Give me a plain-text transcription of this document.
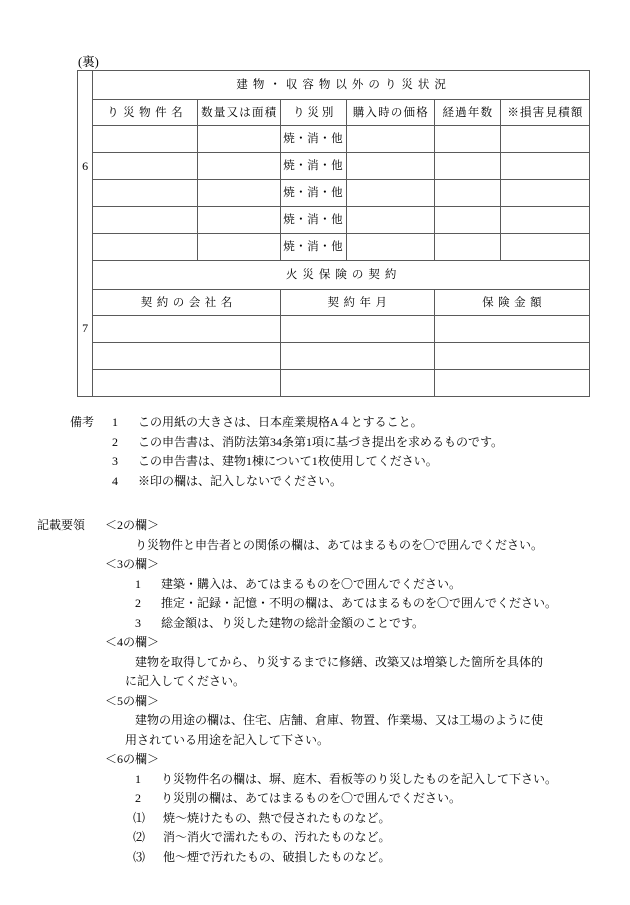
(裏)
6	建物・収容物以外のり災状況					
	り災物件名	数量又は面積	り災別	購入時の価格	経過年数	※損害見積額
			焼・消・他			
			焼・消・他			
			焼・消・他			
			焼・消・他			
			焼・消・他			
7	火災保険の契約					
	契約の会社名		契約年月		保険金額	

備考	1	この用紙の大きさは、日本産業規格A４とすること。
2	この申告書は、消防法第34条第1項に基づき提出を求めるものです。
3	この申告書は、建物1棟について1枚使用してください。
4	※印の欄は、記入しないでください。
記載要領	＜2の欄＞
り災物件と申告者との関係の欄は、あてはまるものを〇で囲んでください。
＜3の欄＞
1	建築・購入は、あてはまるものを〇で囲んでください。
2	推定・記録・記憶・不明の欄は、あてはまるものを〇で囲んでください。
3	総金額は、り災した建物の総計金額のことです。
＜4の欄＞
建物を取得してから、り災するまでに修繕、改築又は増築した箇所を具体的
に記入してください。
＜5の欄＞
建物の用途の欄は、住宅、店舗、倉庫、物置、作業場、又は工場のように使
用されている用途を記入して下さい。
＜6の欄＞
1	り災物件名の欄は、塀、庭木、看板等のり災したものを記入して下さい。
2	り災別の欄は、あてはまるものを〇で囲んでください。
⑴	焼～焼けたもの、熱で侵されたものなど。
⑵	消～消火で濡れたもの、汚れたものなど。
⑶	他～煙で汚れたもの、破損したものなど。
